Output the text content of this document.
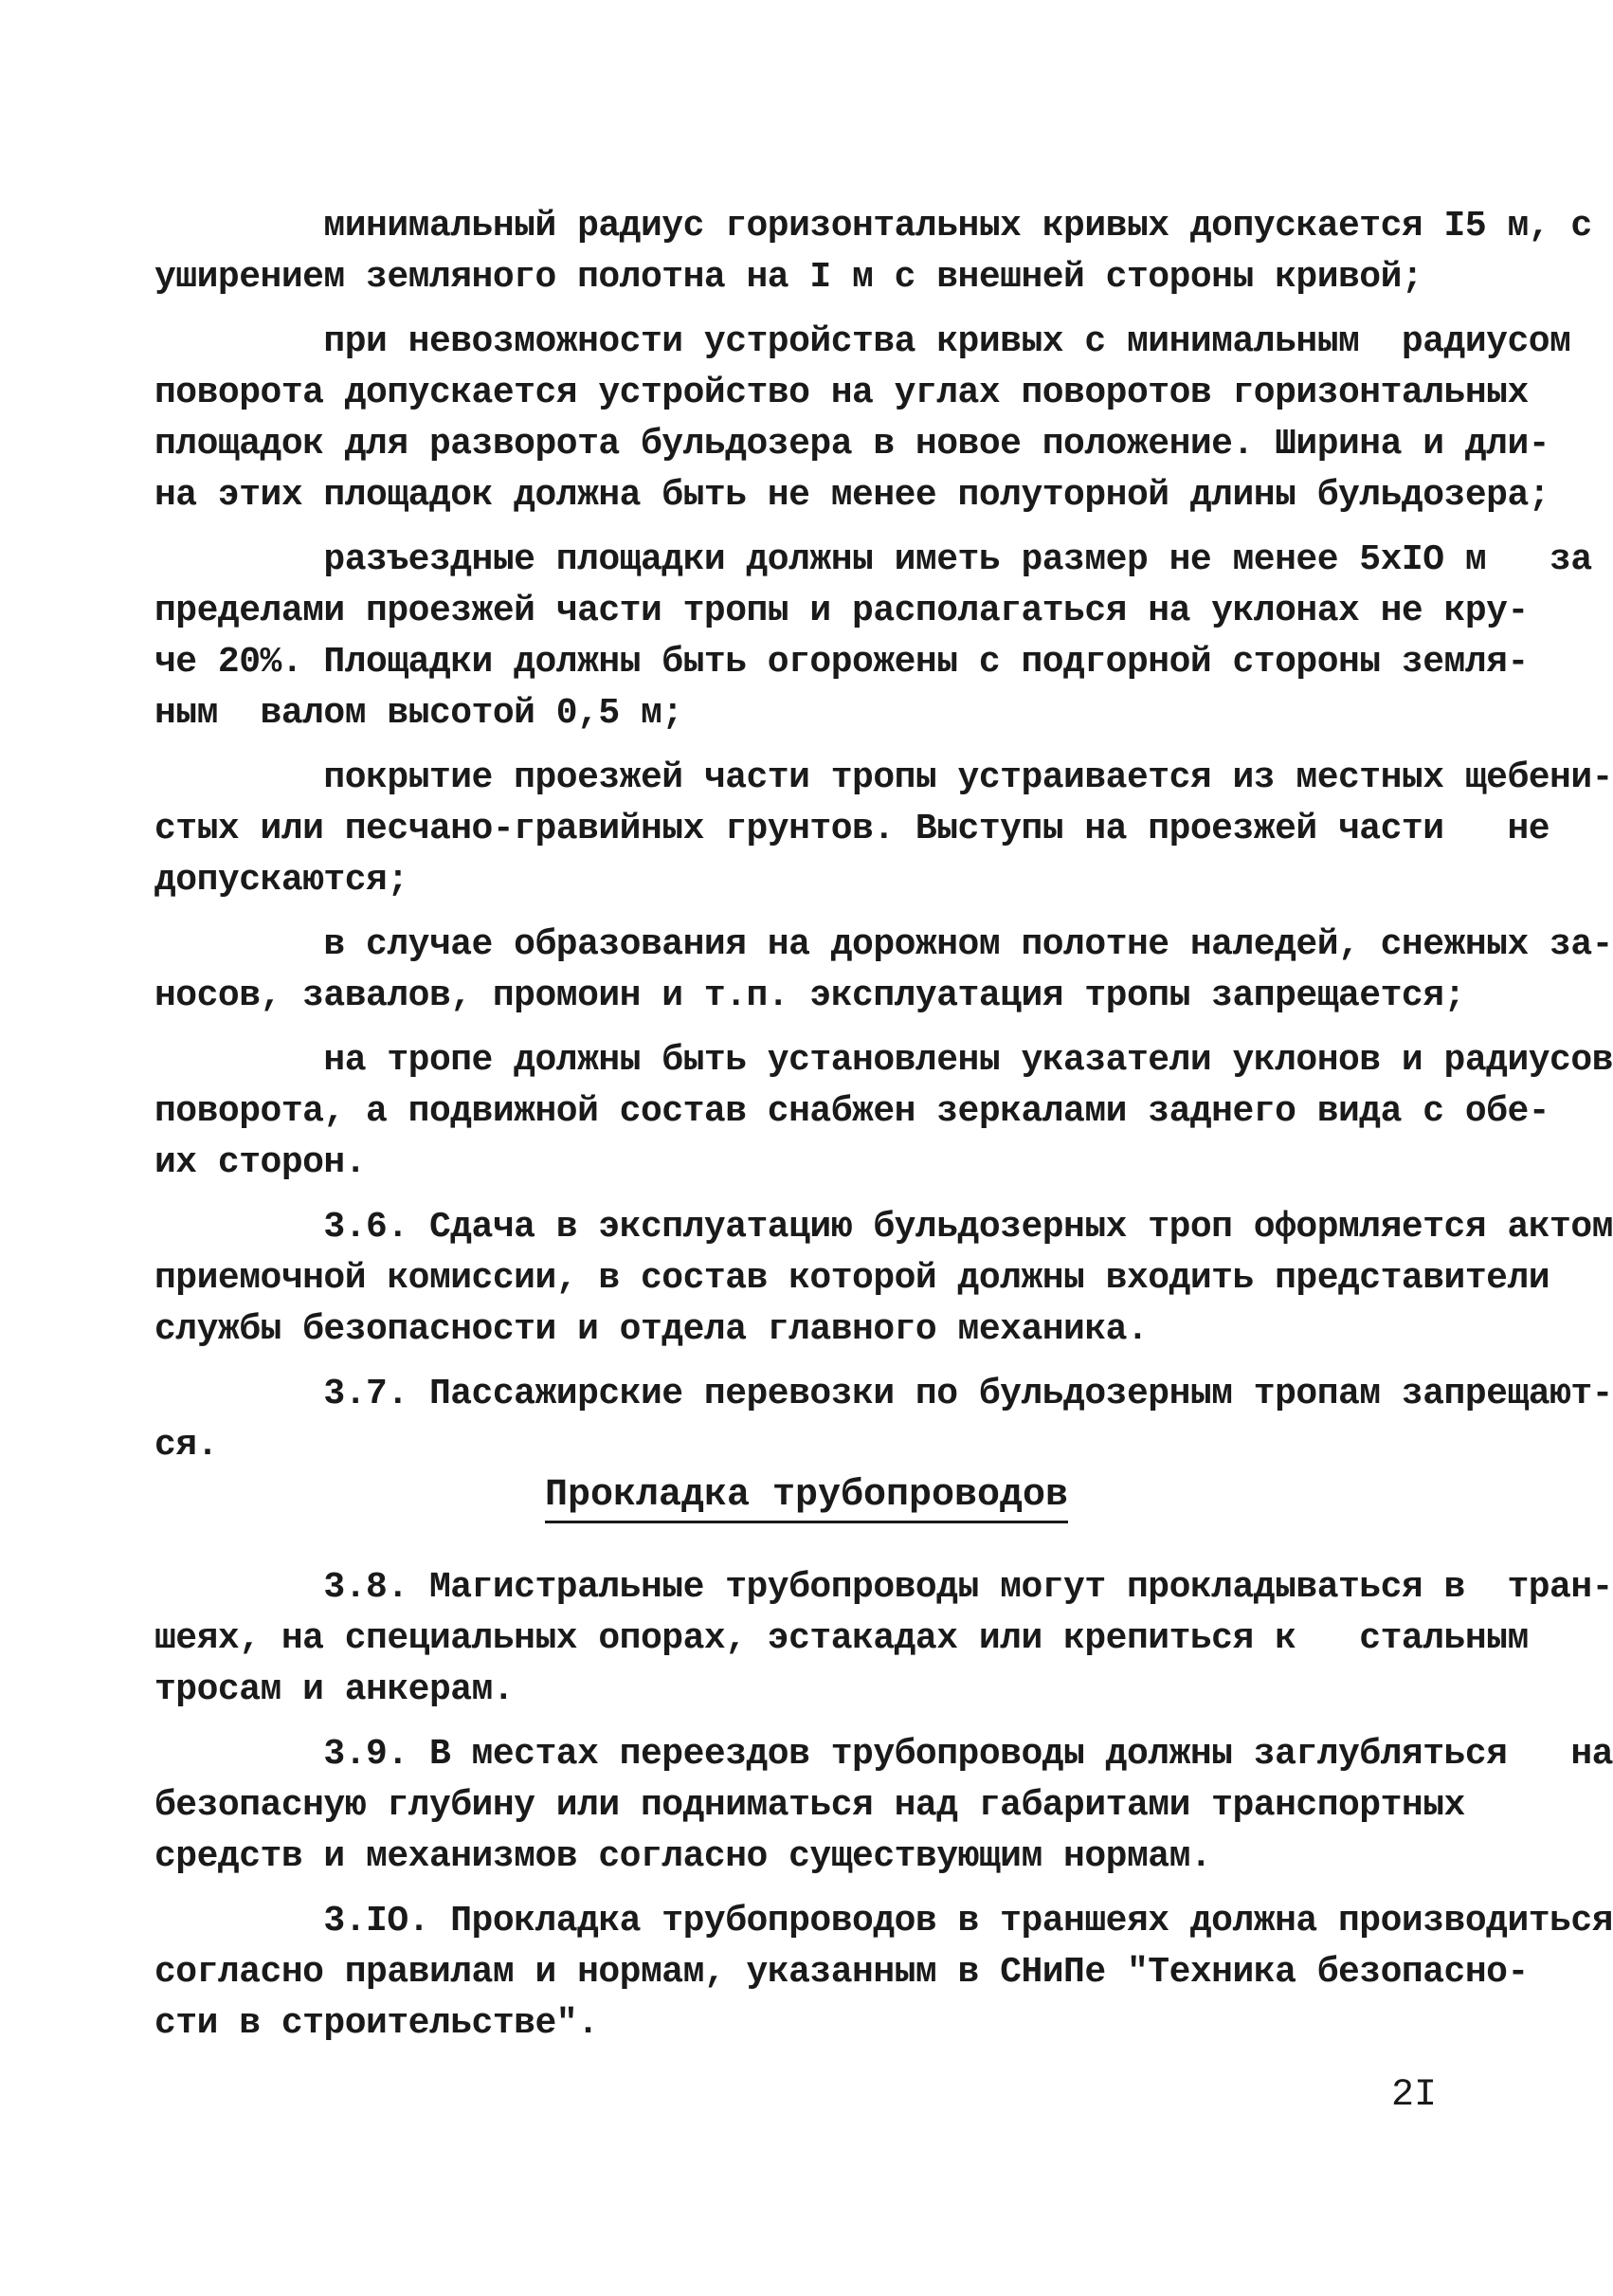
минимальный радиус горизонтальных кривых допускается I5 м, с
уширением земляного полотна на I м с внешней стороны кривой;
при невозможности устройства кривых с минимальным  радиусом
поворота допускается устройство на углах поворотов горизонтальных
площадок для разворота бульдозера в новое положение. Ширина и дли-
на этих площадок должна быть не менее полуторной длины бульдозера;
разъездные площадки должны иметь размер не менее 5хIO м   за
пределами проезжей части тропы и располагаться на уклонах не кру-
че 20%. Площадки должны быть огорожены с подгорной стороны земля-
ным  валом высотой 0,5 м;
покрытие проезжей части тропы устраивается из местных щебени-
стых или песчано-гравийных грунтов. Выступы на проезжей части   не
допускаются;
в случае образования на дорожном полотне наледей, снежных за-
носов, завалов, промоин и т.п. эксплуатация тропы запрещается;
на тропе должны быть установлены указатели уклонов и радиусов
поворота, а подвижной состав снабжен зеркалами заднего вида с обе-
их сторон.
3.6. Сдача в эксплуатацию бульдозерных троп оформляется актом
приемочной комиссии, в состав которой должны входить представители
службы безопасности и отдела главного механика.
3.7. Пассажирские перевозки по бульдозерным тропам запрещают-
ся.
Прокладка трубопроводов
3.8. Магистральные трубопроводы могут прокладываться в  тран-
шеях, на специальных опорах, эстакадах или крепиться к   стальным
тросам и анкерам.
3.9. В местах переездов трубопроводы должны заглубляться   на
безопасную глубину или подниматься над габаритами транспортных
средств и механизмов согласно существующим нормам.
3.IO. Прокладка трубопроводов в траншеях должна производиться
согласно правилам и нормам, указанным в СНиПе "Техника безопасно-
сти в строительстве".
2I
